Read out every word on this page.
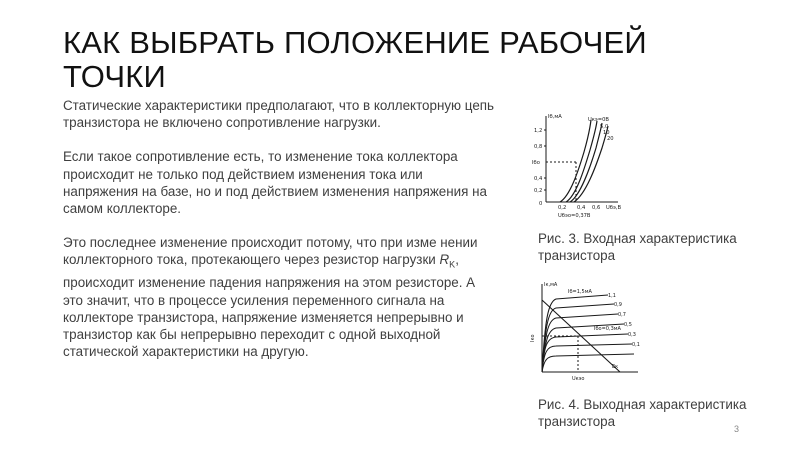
КАК ВЫБРАТЬ ПОЛОЖЕНИЕ РАБОЧЕЙ ТОЧКИ

Статические характеристики предполагают, что в коллекторную цепь транзистора не включено сопротивление нагрузки.

Если такое сопротивление есть, то изменение тока коллектора происходит не только под действием изменения тока или напряжения на базе, но и под действием изменения напряжения на самом коллекторе.

Это последнее изменение происходит потому, что при изме нении коллекторного тока, протекающего через резистор нагрузки $R_K$, происходит изменение падения напряжения на этом резисторе. А это значит, что в процессе усиления переменного сигнала на коллекторе транзистора, напряжение изменяется непрерывно и транзистор как бы непрерывно переходит с одной выходной статической характеристики на другую.

Iб,мА
1,2
0,8
Iбо
0,4
0,2
0
Uкэ=0В
5,0
10
20
0,2 0,4 0,6 Uбэ,В
Uбэо=0,37В
Рис. 3. Входная характеристика транзистора
Iк,мА
Iб=1,5мА
1,1
0,9
0,7
0,5
Iбо=0,3мА
0,3
0,1
Iко
Eк
Uкэо
Рис. 4. Выходная характеристика транзистора	3
